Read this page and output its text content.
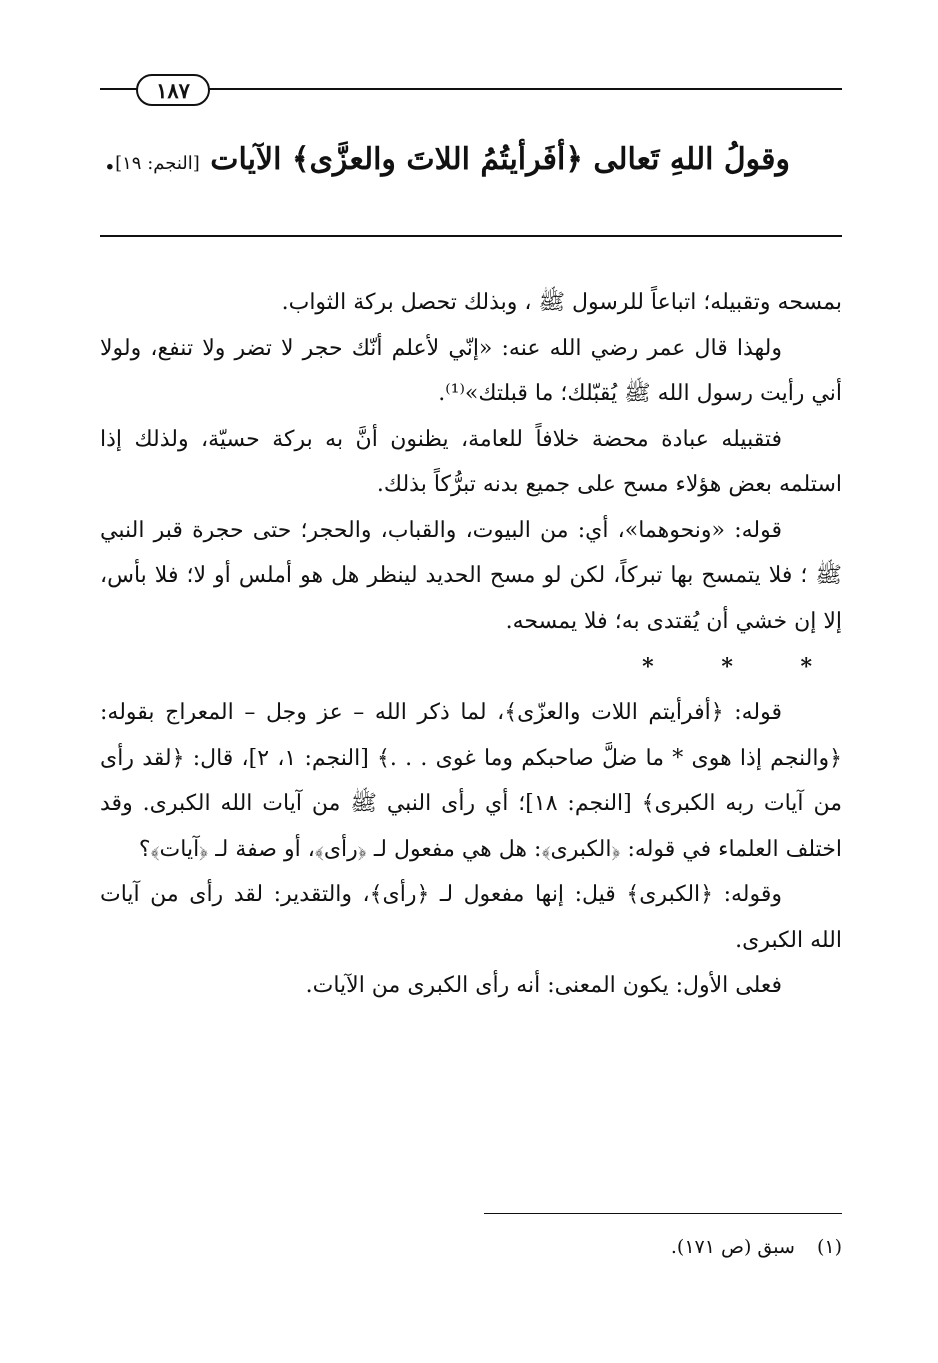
١٨٧
وقولُ اللهِ تَعالى ﴿أفَرأيتُمُ اللاتَ والعزَّى﴾ الآيات [النجم: ١٩].

بمسحه وتقبيله؛ اتباعاً للرسول ﷺ ، وبذلك تحصل بركة الثواب.

ولهذا قال عمر رضي الله عنه: «إنّي لأعلم أنّك حجر لا تضر ولا تنفع، ولولا أني رأيت رسول الله ﷺ يُقبّلك؛ ما قبلتك»⁽¹⁾.

فتقبيله عبادة محضة خلافاً للعامة، يظنون أنَّ به بركة حسيّة، ولذلك إذا استلمه بعض هؤلاء مسح على جميع بدنه تبرُّكاً بذلك.

قوله: «ونحوهما»، أي: من البيوت، والقباب، والحجر؛ حتى حجرة قبر النبي ﷺ ؛ فلا يتمسح بها تبركاً، لكن لو مسح الحديد لينظر هل هو أملس أو لا؛ فلا بأس، إلا إن خشي أن يُقتدى به؛ فلا يمسحه.

* * *

قوله: ﴿أفرأيتم اللات والعزّى﴾، لما ذكر الله – عز وجل – المعراج بقوله: ﴿والنجم إذا هوى * ما ضلَّ صاحبكم وما غوى . . .﴾ [النجم: ١، ٢]، قال: ﴿لقد رأى من آيات ربه الكبرى﴾ [النجم: ١٨]؛ أي رأى النبي ﷺ من آيات الله الكبرى. وقد اختلف العلماء في قوله: ﴿الكبرى﴾: هل هي مفعول لـ ﴿رأى﴾، أو صفة لـ ﴿آيات﴾؟

وقوله: ﴿الكبرى﴾ قيل: إنها مفعول لـ ﴿رأى﴾، والتقدير: لقد رأى من آيات الله الكبرى.

فعلى الأول: يكون المعنى: أنه رأى الكبرى من الآيات.

(١)سبق (ص ١٧١).
